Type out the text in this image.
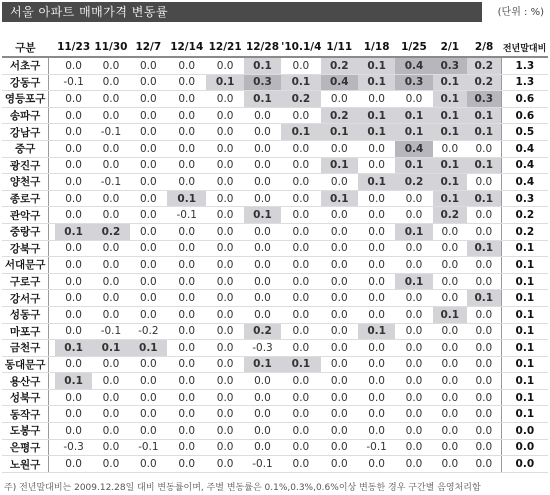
서울 아파트 매매가격 변동률	(단위 : %)
구분		11/23	11/30	12/7	12/14	12/21	12/28	'10.1/4	1/11	1/18	1/25	2/1	2/8	전년말대비
서초구		0.0	0.0	0.0	0.0	0.0	0.1	0.0	0.2	0.1	0.4	0.3	0.2	1.3
강동구		-0.1	0.0	0.0	0.0	0.1	0.3	0.1	0.4	0.1	0.3	0.1	0.2	1.3
영등포구		0.0	0.0	0.0	0.0	0.0	0.1	0.2	0.0	0.0	0.0	0.1	0.3	0.6
송파구		0.0	0.0	0.0	0.0	0.0	0.0	0.0	0.2	0.1	0.1	0.1	0.1	0.6
강남구		0.0	-0.1	0.0	0.0	0.0	0.0	0.1	0.1	0.1	0.1	0.1	0.1	0.5
중구		0.0	0.0	0.0	0.0	0.0	0.0	0.0	0.0	0.0	0.4	0.0	0.0	0.4
광진구		0.0	0.0	0.0	0.0	0.0	0.0	0.0	0.1	0.0	0.1	0.1	0.1	0.4
양천구		0.0	-0.1	0.0	0.0	0.0	0.0	0.0	0.0	0.1	0.2	0.1	0.0	0.4
종로구		0.0	0.0	0.0	0.1	0.0	0.0	0.0	0.1	0.0	0.0	0.1	0.1	0.3
관악구		0.0	0.0	0.0	-0.1	0.0	0.1	0.0	0.0	0.0	0.0	0.2	0.0	0.2
중랑구		0.1	0.2	0.0	0.0	0.0	0.0	0.0	0.0	0.0	0.1	0.0	0.0	0.2
강북구		0.0	0.0	0.0	0.0	0.0	0.0	0.0	0.0	0.0	0.0	0.0	0.1	0.1
서대문구		0.0	0.0	0.0	0.0	0.0	0.0	0.0	0.0	0.0	0.0	0.0	0.0	0.1
구로구		0.0	0.0	0.0	0.0	0.0	0.0	0.0	0.0	0.0	0.1	0.0	0.0	0.1
강서구		0.0	0.0	0.0	0.0	0.0	0.0	0.0	0.0	0.0	0.0	0.0	0.1	0.1
성동구		0.0	0.0	0.0	0.0	0.0	0.0	0.0	0.0	0.0	0.0	0.1	0.0	0.1
마포구		0.0	-0.1	-0.2	0.0	0.0	0.2	0.0	0.0	0.1	0.0	0.0	0.0	0.1
금천구		0.1	0.1	0.1	0.0	0.0	-0.3	0.0	0.0	0.0	0.0	0.0	0.0	0.1
동대문구		0.0	0.0	0.0	0.0	0.0	0.1	0.1	0.0	0.0	0.0	0.0	0.0	0.1
용산구		0.1	0.0	0.0	0.0	0.0	0.0	0.0	0.0	0.0	0.0	0.0	0.0	0.1
성북구		0.0	0.0	0.0	0.0	0.0	0.0	0.0	0.0	0.0	0.0	0.0	0.0	0.1
동작구		0.0	0.0	0.0	0.0	0.0	0.0	0.0	0.0	0.0	0.0	0.0	0.0	0.1
도봉구		0.0	0.0	0.0	0.0	0.0	0.0	0.0	0.0	0.0	0.0	0.0	0.0	0.0
은평구		-0.3	0.0	-0.1	0.0	0.0	0.0	0.0	0.0	-0.1	0.0	0.0	0.0	0.0
노원구		0.0	0.0	0.0	0.0	0.0	-0.1	0.0	0.0	0.0	0.0	0.0	0.0	0.0
주) 전년말대비는 2009.12.28일 대비 변동률이며, 주별 변동률은 0.1%,0.3%,0.6%이상 변동한 경우 구간별 음영처리함
